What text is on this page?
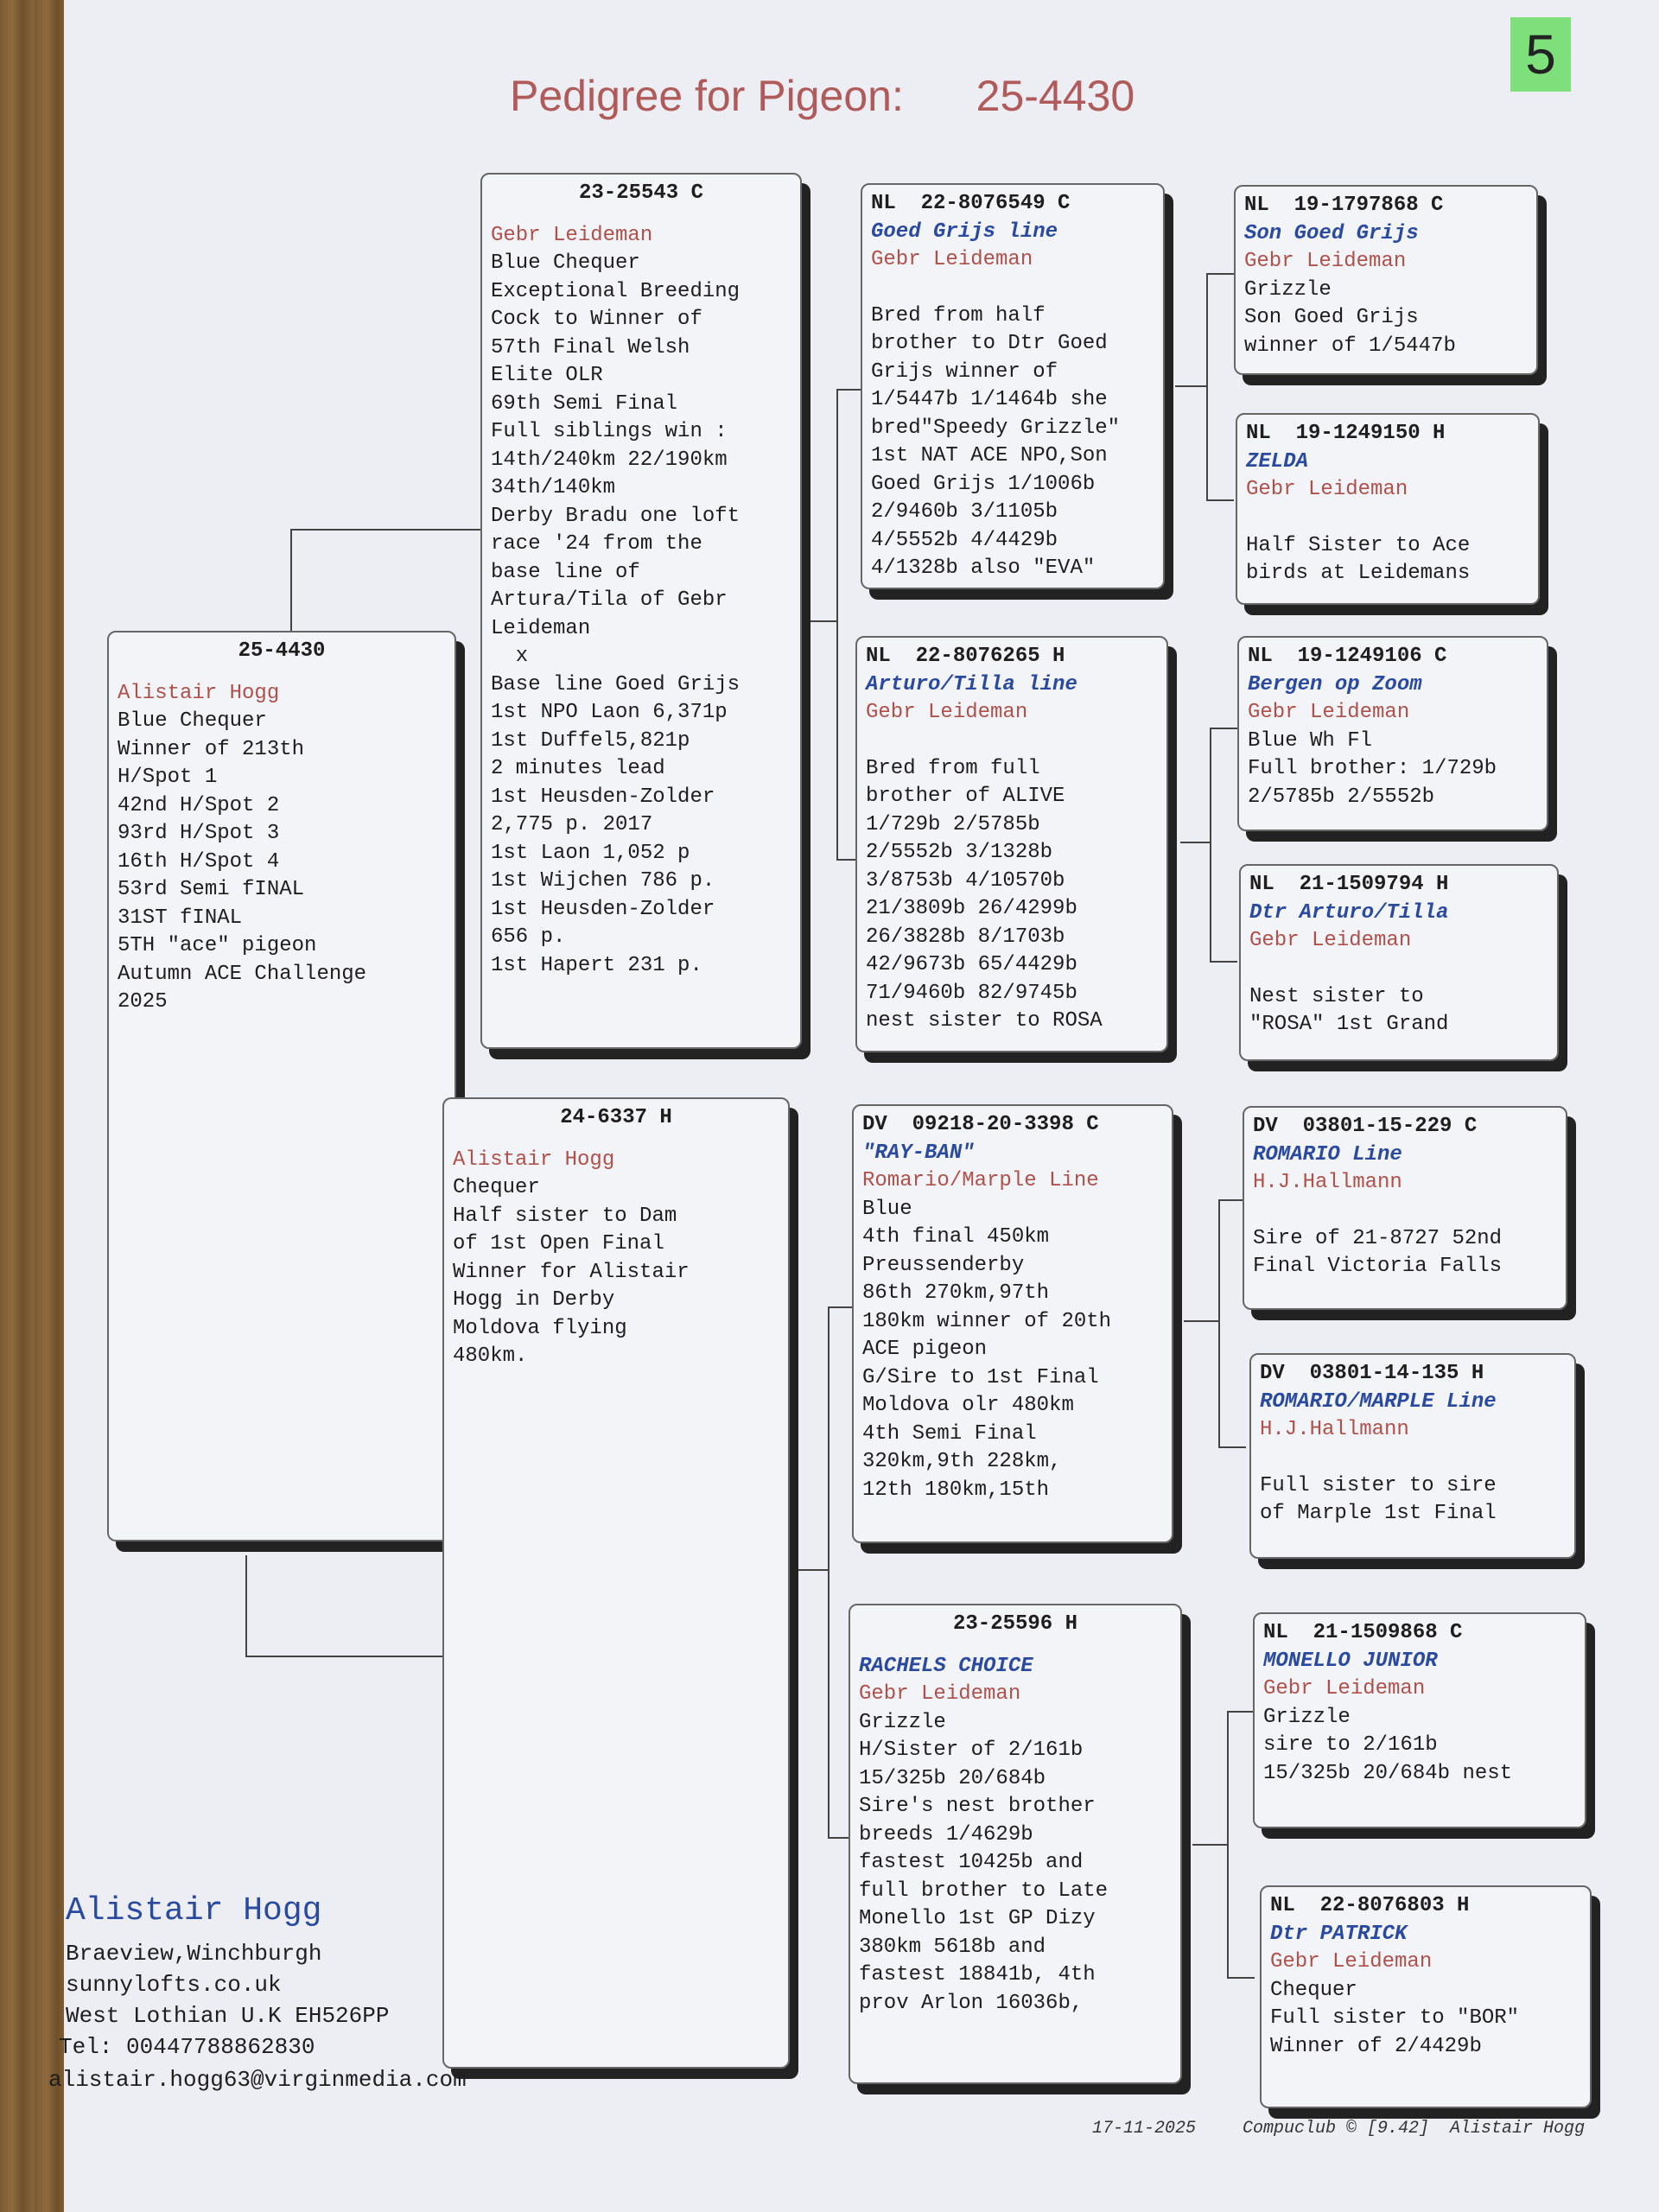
5
Pedigree for Pigeon: 25-4430
25-4430
Alistair Hogg
Blue Chequer
Winner of 213th
H/Spot 1
42nd H/Spot 2
93rd H/Spot 3
16th H/Spot 4
53rd Semi fINAL
31ST fINAL
5TH "ace" pigeon
Autumn ACE Challenge
2025
23-25543 C
Gebr Leideman
Blue Chequer
Exceptional Breeding
Cock to Winner of
57th Final Welsh
Elite OLR
69th Semi Final
Full siblings win :
14th/240km 22/190km
34th/140km
Derby Bradu one loft
race '24 from the
base line of
Artura/Tila of Gebr
Leideman
x
Base line Goed Grijs
1st NPO Laon 6,371p
1st Duffel5,821p
2 minutes lead
1st Heusden-Zolder
2,775 p. 2017
1st Laon 1,052 p
1st Wijchen 786 p.
1st Heusden-Zolder
656 p.
1st Hapert 231 p.
24-6337 H
Alistair Hogg
Chequer
Half sister to Dam
of 1st Open Final
Winner for Alistair
Hogg in Derby
Moldova flying
480km.
NL  22-8076549 C
Goed Grijs line
Gebr Leideman
Bred from half
brother to Dtr Goed
Grijs winner of
1/5447b 1/1464b she
bred"Speedy Grizzle"
1st NAT ACE NPO,Son
Goed Grijs 1/1006b
2/9460b 3/1105b
4/5552b 4/4429b
4/1328b also "EVA"
NL  22-8076265 H
Arturo/Tilla line
Gebr Leideman
Bred from full
brother of ALIVE
1/729b 2/5785b
2/5552b 3/1328b
3/8753b 4/10570b
21/3809b 26/4299b
26/3828b 8/1703b
42/9673b 65/4429b
71/9460b 82/9745b
nest sister to ROSA
DV  09218-20-3398 C
"RAY-BAN"
Romario/Marple Line
Blue
4th final 450km
Preussenderby
86th 270km,97th
180km winner of 20th
ACE pigeon
G/Sire to 1st Final
Moldova olr 480km
4th Semi Final
320km,9th 228km,
12th 180km,15th
23-25596 H
RACHELS CHOICE
Gebr Leideman
Grizzle
H/Sister of 2/161b
15/325b 20/684b
Sire's nest brother
breeds 1/4629b
fastest 10425b and
full brother to Late
Monello 1st GP Dizy
380km 5618b and
fastest 18841b, 4th
prov Arlon 16036b,
NL  19-1797868 C
Son Goed Grijs
Gebr Leideman
Grizzle
Son Goed Grijs
winner of 1/5447b
NL  19-1249150 H
ZELDA
Gebr Leideman
Half Sister to Ace
birds at Leidemans
NL  19-1249106 C
Bergen op Zoom
Gebr Leideman
Blue Wh Fl
Full brother: 1/729b
2/5785b 2/5552b
NL  21-1509794 H
Dtr Arturo/Tilla
Gebr Leideman
Nest sister to
"ROSA" 1st Grand
DV  03801-15-229 C
ROMARIO Line
H.J.Hallmann
Sire of 21-8727 52nd
Final Victoria Falls
DV  03801-14-135 H
ROMARIO/MARPLE Line
H.J.Hallmann
Full sister to sire
of Marple 1st Final
NL  21-1509868 C
MONELLO JUNIOR
Gebr Leideman
Grizzle
sire to 2/161b
15/325b 20/684b nest
NL  22-8076803 H
Dtr PATRICK
Gebr Leideman
Chequer
Full sister to "BOR"
Winner of 2/4429b
Alistair Hogg
Braeview,Winchburgh
sunnylofts.co.uk
West Lothian U.K EH526PP
Tel: 00447788862830
alistair.hogg63@virginmedia.com
17-11-2025	Compuclub © [9.42]  Alistair Hogg
